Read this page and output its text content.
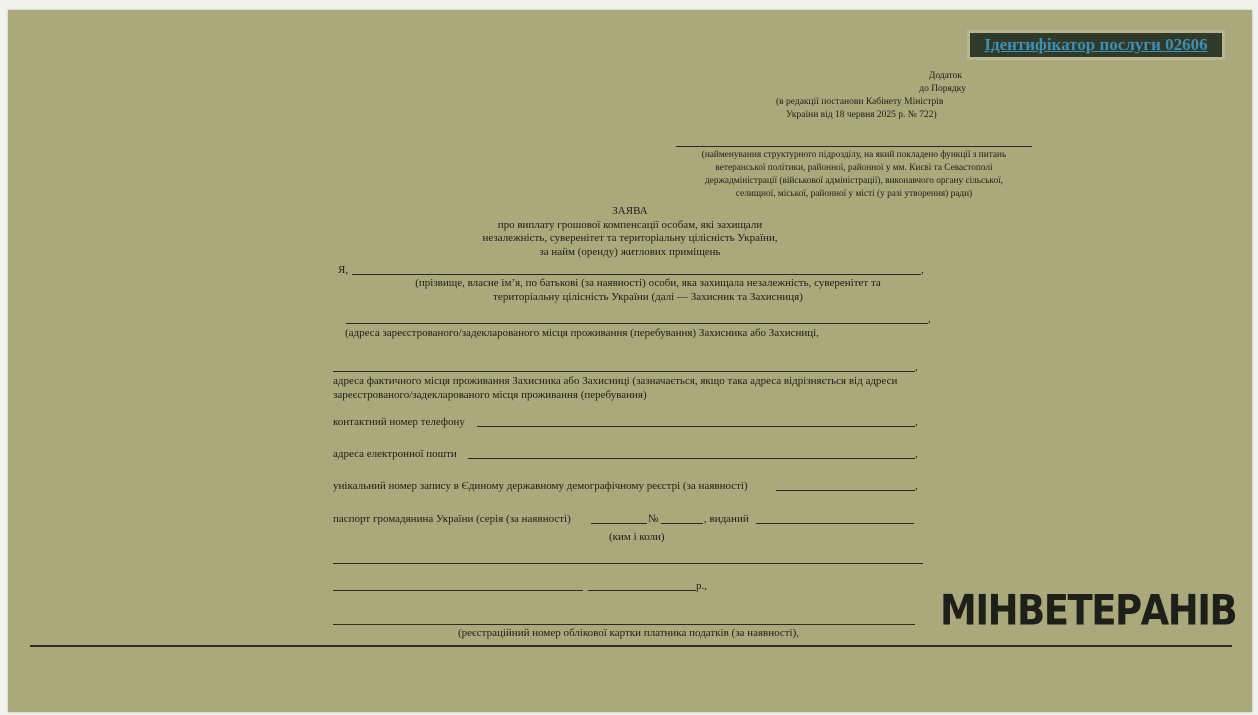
Ідентифікатор послуги 02606
Додаток
до Порядку
(в редакції постанови Кабінету Міністрів
України від 18 червня 2025 р. № 722)
(найменування структурного підрозділу, на який покладено функції з питань
ветеранської політики, районної, районної у мм. Києві та Севастополі
держадміністрації (військової адміністрації), виконавчого органу сільської,
селищної, міської, районної у місті (у разі утворення) ради)
ЗАЯВА
про виплату грошової компенсації особам, які захищали
незалежність, суверенітет та територіальну цілісність України,
за найм (оренду) житлових приміщень
Я,	,
(прізвище, власне ім’я, по батькові (за наявності) особи, яка захищала незалежність, суверенітет та
територіальну цілісність України (далі — Захисник та Захисниця)
,
(адреса зареєстрованого/задекларованого місця проживання (перебування) Захисника або Захисниці,
,
адреса фактичного місця проживання Захисника або Захисниці (зазначається, якщо така адреса відрізняється від адреси
зареєстрованого/задекларованого місця проживання (перебування)
контактний номер телефону	,
адреса електронної пошти	,
унікальний номер запису в Єдиному державному демографічному реєстрі (за наявності)	,
паспорт громадянина України (серія (за наявності)	№	, виданий
(ким і коли)
р.,
(реєстраційний номер облікової картки платника податків (за наявності),	МІНВЕТЕРАНІВ
